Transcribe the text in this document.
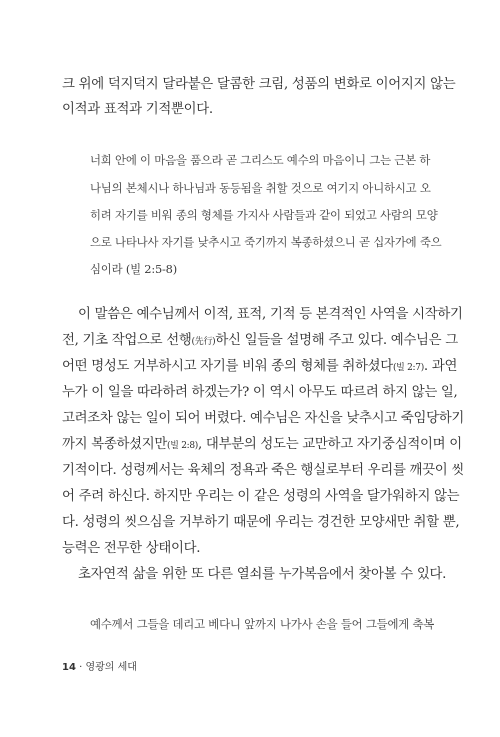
크 위에 덕지덕지 달라붙은 달콤한 크림, 성품의 변화로 이어지지 않는
이적과 표적과 기적뿐이다.
너희 안에 이 마음을 품으라 곧 그리스도 예수의 마음이니 그는 근본 하
나님의 본체시나 하나님과 동등됨을 취할 것으로 여기지 아니하시고 오
히려 자기를 비워 종의 형체를 가지사 사람들과 같이 되었고 사람의 모양
으로 나타나사 자기를 낮추시고 죽기까지 복종하셨으니 곧 십자가에 죽으
심이라 (빌 2:5-8)
이 말씀은 예수님께서 이적, 표적, 기적 등 본격적인 사역을 시작하기
전, 기초 작업으로 선행(先行)하신 일들을 설명해 주고 있다. 예수님은 그
어떤 명성도 거부하시고 자기를 비워 종의 형체를 취하셨다(빌 2:7). 과연
누가 이 일을 따라하려 하겠는가? 이 역시 아무도 따르려 하지 않는 일,
고려조차 않는 일이 되어 버렸다. 예수님은 자신을 낮추시고 죽임당하기
까지 복종하셨지만(빌 2:8), 대부분의 성도는 교만하고 자기중심적이며 이
기적이다. 성령께서는 육체의 정욕과 죽은 행실로부터 우리를 깨끗이 씻
어 주려 하신다. 하지만 우리는 이 같은 성령의 사역을 달가워하지 않는
다. 성령의 씻으심을 거부하기 때문에 우리는 경건한 모양새만 취할 뿐,
능력은 전무한 상태이다.
초자연적 삶을 위한 또 다른 열쇠를 누가복음에서 찾아볼 수 있다.
예수께서 그들을 데리고 베다니 앞까지 나가사 손을 들어 그들에게 축복
14 · 영광의 세대
